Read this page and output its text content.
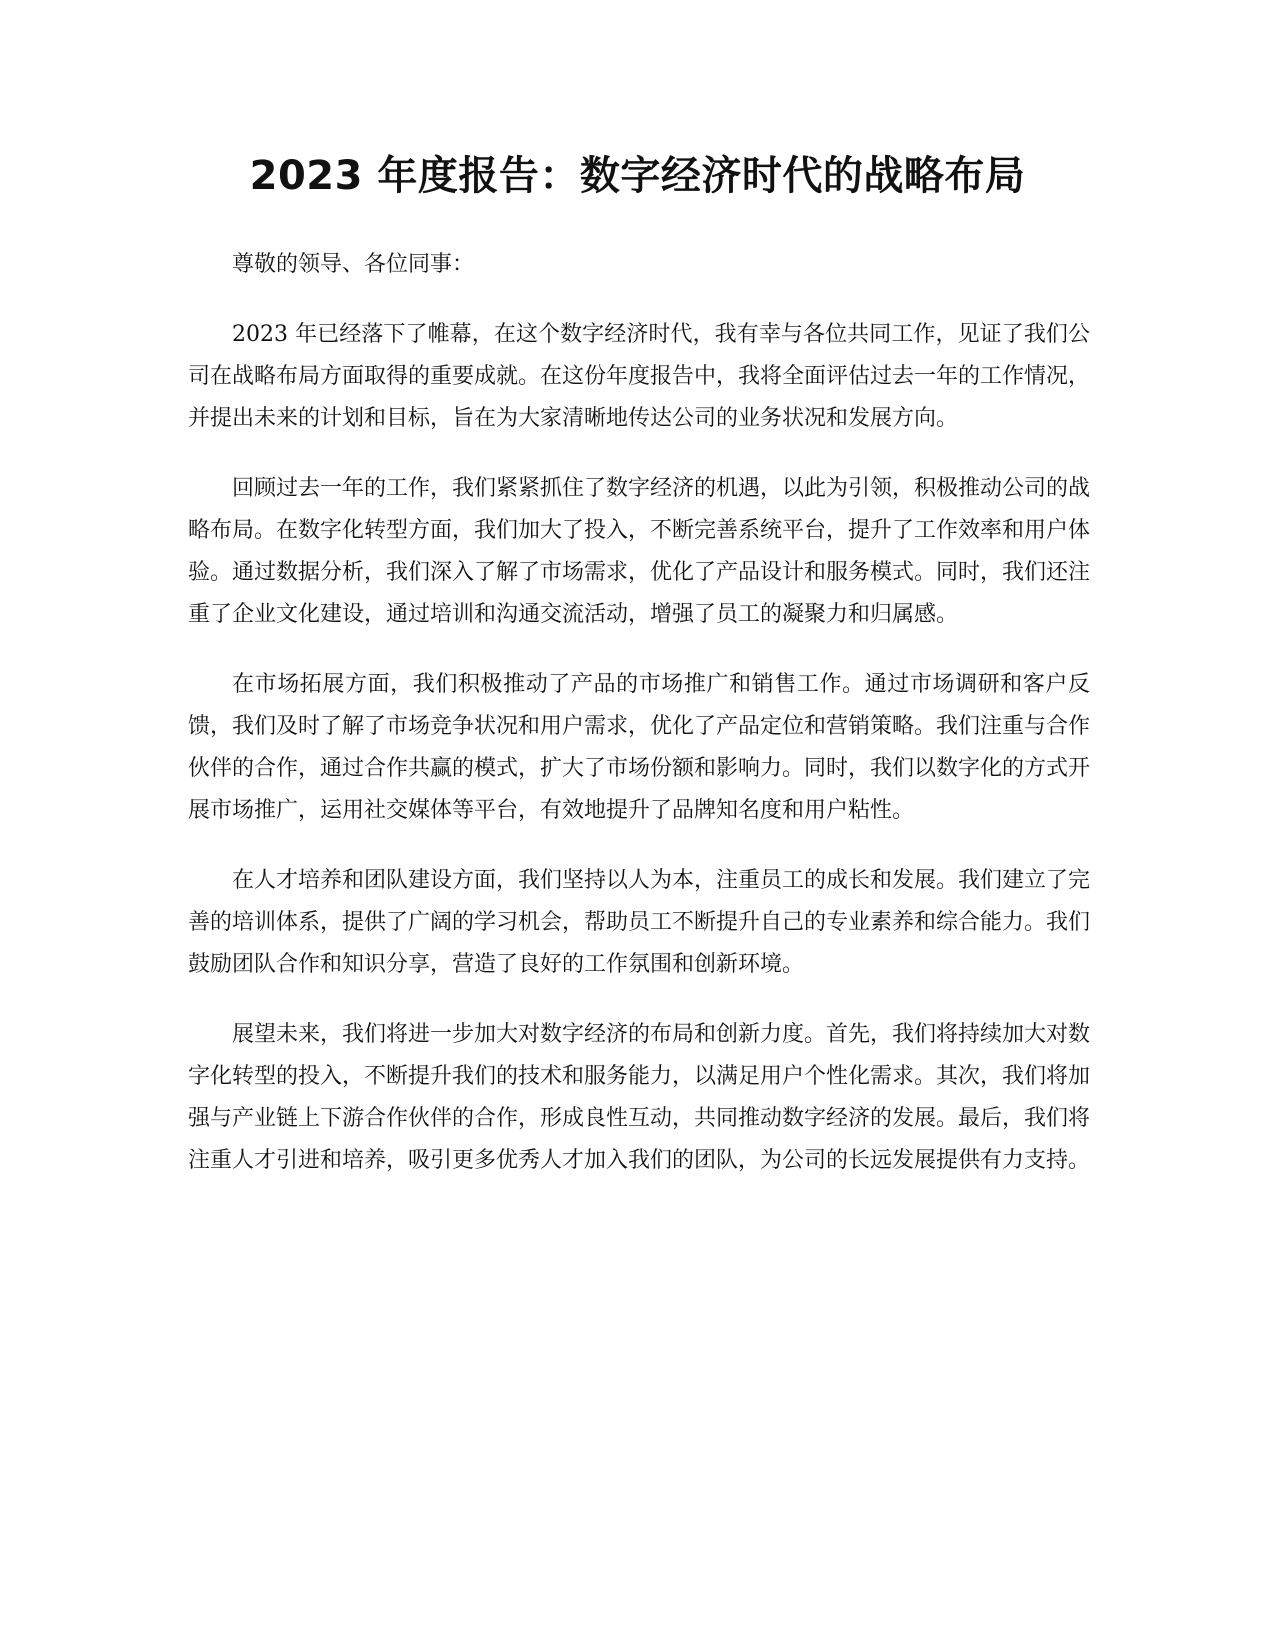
2023 年度报告：数字经济时代的战略布局

尊敬的领导、各位同事：

2023 年已经落下了帷幕，在这个数字经济时代，我有幸与各位共同工作，见证了我们公司在战略布局方面取得的重要成就。在这份年度报告中，我将全面评估过去一年的工作情况，并提出未来的计划和目标，旨在为大家清晰地传达公司的业务状况和发展方向。

回顾过去一年的工作，我们紧紧抓住了数字经济的机遇，以此为引领，积极推动公司的战略布局。在数字化转型方面，我们加大了投入，不断完善系统平台，提升了工作效率和用户体验。通过数据分析，我们深入了解了市场需求，优化了产品设计和服务模式。同时，我们还注重了企业文化建设，通过培训和沟通交流活动，增强了员工的凝聚力和归属感。

在市场拓展方面，我们积极推动了产品的市场推广和销售工作。通过市场调研和客户反馈，我们及时了解了市场竞争状况和用户需求，优化了产品定位和营销策略。我们注重与合作伙伴的合作，通过合作共赢的模式，扩大了市场份额和影响力。同时，我们以数字化的方式开展市场推广，运用社交媒体等平台，有效地提升了品牌知名度和用户粘性。

在人才培养和团队建设方面，我们坚持以人为本，注重员工的成长和发展。我们建立了完善的培训体系，提供了广阔的学习机会，帮助员工不断提升自己的专业素养和综合能力。我们鼓励团队合作和知识分享，营造了良好的工作氛围和创新环境。

展望未来，我们将进一步加大对数字经济的布局和创新力度。首先，我们将持续加大对数字化转型的投入，不断提升我们的技术和服务能力，以满足用户个性化需求。其次，我们将加强与产业链上下游合作伙伴的合作，形成良性互动，共同推动数字经济的发展。最后，我们将注重人才引进和培养，吸引更多优秀人才加入我们的团队，为公司的长远发展提供有力支持。
